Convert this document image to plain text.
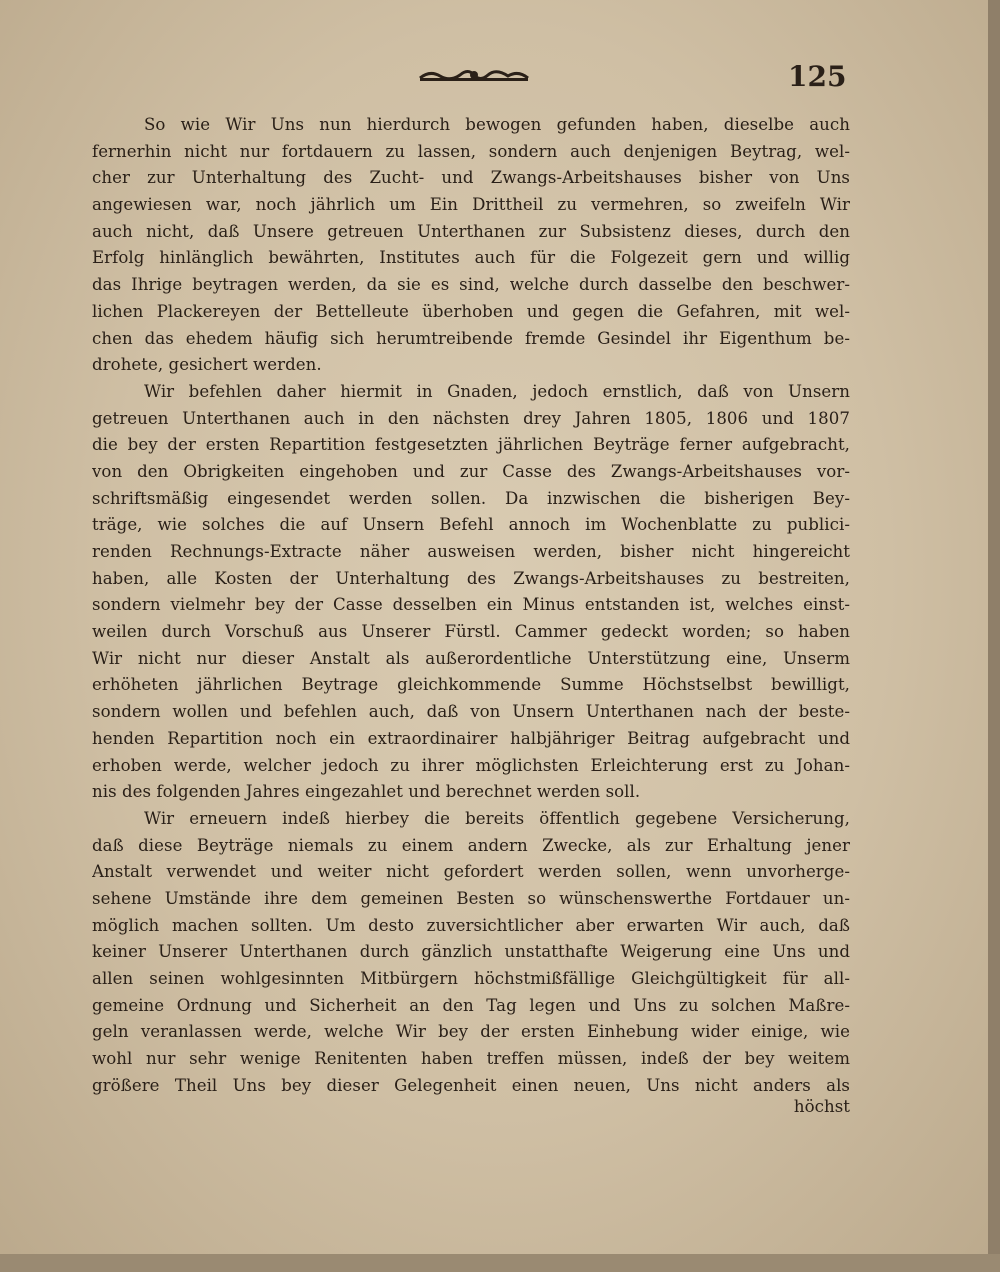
125
So wie Wir Uns nun hierdurch bewogen gefunden haben, dieselbe auch
fernerhin nicht nur fortdauern zu lassen, sondern auch denjenigen Beytrag, wel-
cher zur Unterhaltung des Zucht- und Zwangs-Arbeitshauses bisher von Uns
angewiesen war, noch jährlich um Ein Drittheil zu vermehren, so zweifeln Wir
auch nicht, daß Unsere getreuen Unterthanen zur Subsistenz dieses, durch den
Erfolg hinlänglich bewährten, Institutes auch für die Folgezeit gern und willig
das Ihrige beytragen werden, da sie es sind, welche durch dasselbe den beschwer-
lichen Plackereyen der Bettelleute überhoben und gegen die Gefahren, mit wel-
chen das ehedem häufig sich herumtreibende fremde Gesindel ihr Eigenthum be-
drohete, gesichert werden.
Wir befehlen daher hiermit in Gnaden, jedoch ernstlich, daß von Unsern
getreuen Unterthanen auch in den nächsten drey Jahren 1805, 1806 und 1807
die bey der ersten Repartition festgesetzten jährlichen Beyträge ferner aufgebracht,
von den Obrigkeiten eingehoben und zur Casse des Zwangs-Arbeitshauses vor-
schriftsmäßig eingesendet werden sollen. Da inzwischen die bisherigen Bey-
träge, wie solches die auf Unsern Befehl annoch im Wochenblatte zu publici-
renden Rechnungs-Extracte näher ausweisen werden, bisher nicht hingereicht
haben, alle Kosten der Unterhaltung des Zwangs-Arbeitshauses zu bestreiten,
sondern vielmehr bey der Casse desselben ein Minus entstanden ist, welches einst-
weilen durch Vorschuß aus Unserer Fürstl. Cammer gedeckt worden; so haben
Wir nicht nur dieser Anstalt als außerordentliche Unterstützung eine, Unserm
erhöheten jährlichen Beytrage gleichkommende Summe Höchstselbst bewilligt,
sondern wollen und befehlen auch, daß von Unsern Unterthanen nach der beste-
henden Repartition noch ein extraordinairer halbjähriger Beitrag aufgebracht und
erhoben werde, welcher jedoch zu ihrer möglichsten Erleichterung erst zu Johan-
nis des folgenden Jahres eingezahlet und berechnet werden soll.
Wir erneuern indeß hierbey die bereits öffentlich gegebene Versicherung,
daß diese Beyträge niemals zu einem andern Zwecke, als zur Erhaltung jener
Anstalt verwendet und weiter nicht gefordert werden sollen, wenn unvorherge-
sehene Umstände ihre dem gemeinen Besten so wünschenswerthe Fortdauer un-
möglich machen sollten. Um desto zuversichtlicher aber erwarten Wir auch, daß
keiner Unserer Unterthanen durch gänzlich unstatthafte Weigerung eine Uns und
allen seinen wohlgesinnten Mitbürgern höchstmißfällige Gleichgültigkeit für all-
gemeine Ordnung und Sicherheit an den Tag legen und Uns zu solchen Maßre-
geln veranlassen werde, welche Wir bey der ersten Einhebung wider einige, wie
wohl nur sehr wenige Renitenten haben treffen müssen, indeß der bey weitem
größere Theil Uns bey dieser Gelegenheit einen neuen, Uns nicht anders als
höchst
